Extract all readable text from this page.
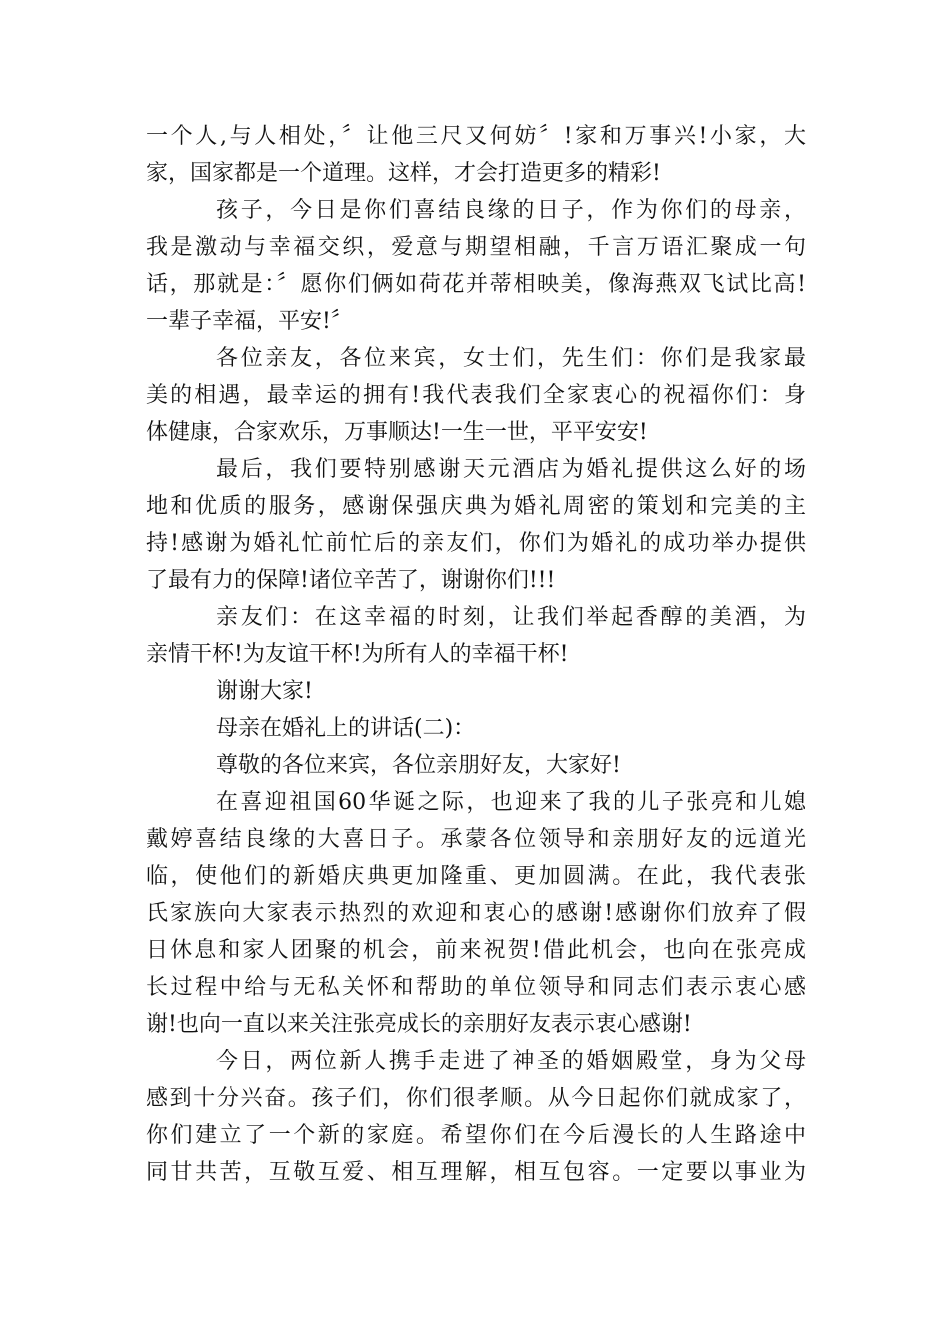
一个人,与人相处，〞让他三尺又何妨〞!家和万事兴!小家，大
家，国家都是一个道理。这样，才会打造更多的精彩!
孩子，今日是你们喜结良缘的日子，作为你们的母亲，
我是激动与幸福交织，爱意与期望相融，千言万语汇聚成一句
话，那就是：〞愿你们俩如荷花并蒂相映美，像海燕双飞试比高!
一辈子幸福，平安!〞
各位亲友，各位来宾，女士们，先生们：你们是我家最
美的相遇，最幸运的拥有!我代表我们全家衷心的祝福你们：身
体健康，合家欢乐，万事顺达!一生一世，平平安安!
最后，我们要特别感谢天元酒店为婚礼提供这么好的场
地和优质的服务，感谢保强庆典为婚礼周密的策划和完美的主
持!感谢为婚礼忙前忙后的亲友们，你们为婚礼的成功举办提供
了最有力的保障!诸位辛苦了，谢谢你们!!!
亲友们：在这幸福的时刻，让我们举起香醇的美酒，为
亲情干杯!为友谊干杯!为所有人的幸福干杯!
谢谢大家!
母亲在婚礼上的讲话(二)：
尊敬的各位来宾，各位亲朋好友，大家好!
在喜迎祖国60华诞之际，也迎来了我的儿子张亮和儿媳
戴婷喜结良缘的大喜日子。承蒙各位领导和亲朋好友的远道光
临，使他们的新婚庆典更加隆重、更加圆满。在此，我代表张
氏家族向大家表示热烈的欢迎和衷心的感谢!感谢你们放弃了假
日休息和家人团聚的机会，前来祝贺!借此机会，也向在张亮成
长过程中给与无私关怀和帮助的单位领导和同志们表示衷心感
谢!也向一直以来关注张亮成长的亲朋好友表示衷心感谢!
今日，两位新人携手走进了神圣的婚姻殿堂，身为父母
感到十分兴奋。孩子们，你们很孝顺。从今日起你们就成家了，
你们建立了一个新的家庭。希望你们在今后漫长的人生路途中
同甘共苦，互敬互爱、相互理解，相互包容。一定要以事业为
